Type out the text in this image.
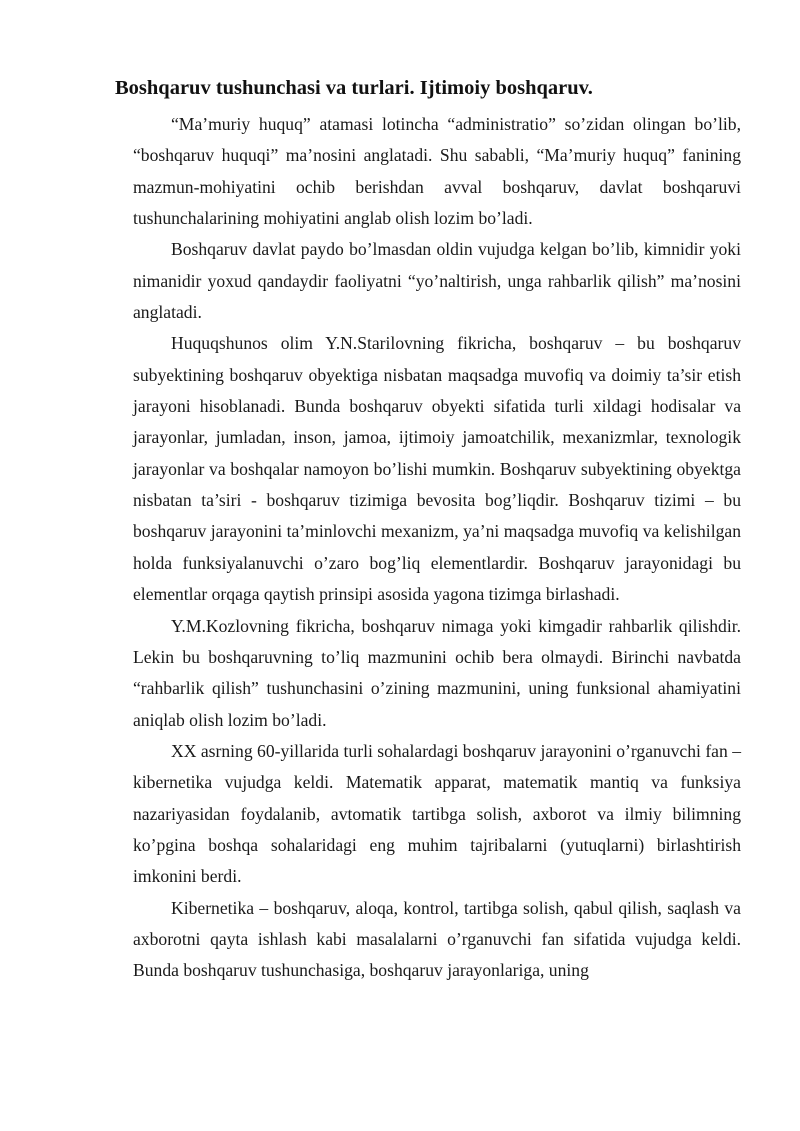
Boshqaruv tushunchasi va turlari. Ijtimoiy boshqaruv.

“Ma’muriy huquq” atamasi lotincha “administratio” so’zidan olingan bo’lib, “boshqaruv huquqi” ma’nosini anglatadi. Shu sababli, “Ma’muriy huquq” fanining mazmun-mohiyatini ochib berishdan avval boshqaruv, davlat boshqaruvi tushunchalarining mohiyatini anglab olish lozim bo’ladi.

Boshqaruv davlat paydo bo’lmasdan oldin vujudga kelgan bo’lib, kimnidir yoki nimanidir yoxud qandaydir faoliyatni “yo’naltirish, unga rahbarlik qilish” ma’nosini anglatadi.

Huquqshunos olim Y.N.Starilovning fikricha, boshqaruv – bu boshqaruv subyektining boshqaruv obyektiga nisbatan maqsadga muvofiq va doimiy ta’sir etish jarayoni hisoblanadi. Bunda boshqaruv obyekti sifatida turli xildagi hodisalar va jarayonlar, jumladan, inson, jamoa, ijtimoiy jamoatchilik, mexanizmlar, texnologik jarayonlar va boshqalar namoyon bo’lishi mumkin. Boshqaruv subyektining obyektga nisbatan ta’siri - boshqaruv tizimiga bevosita bog’liqdir. Boshqaruv tizimi – bu boshqaruv jarayonini ta’minlovchi mexanizm, ya’ni maqsadga muvofiq va kelishilgan holda funksiyalanuvchi o’zaro bog’liq elementlardir. Boshqaruv jarayonidagi bu elementlar orqaga qaytish prinsipi asosida yagona tizimga birlashadi.

Y.M.Kozlovning fikricha, boshqaruv nimaga yoki kimgadir rahbarlik qilishdir. Lekin bu boshqaruvning to’liq mazmunini ochib bera olmaydi. Birinchi navbatda “rahbarlik qilish” tushunchasini o’zining mazmunini, uning funksional ahamiyatini aniqlab olish lozim bo’ladi.

XX asrning 60-yillarida turli sohalardagi boshqaruv jarayonini o’rganuvchi fan – kibernetika vujudga keldi. Matematik apparat, matematik mantiq va funksiya nazariyasidan foydalanib, avtomatik tartibga solish, axborot va ilmiy bilimning ko’pgina boshqa sohalaridagi eng muhim tajribalarni (yutuqlarni) birlashtirish imkonini berdi.

Kibernetika – boshqaruv, aloqa, kontrol, tartibga solish, qabul qilish, saqlash va axborotni qayta ishlash kabi masalalarni o’rganuvchi fan sifatida vujudga keldi. Bunda boshqaruv tushunchasiga, boshqaruv jarayonlariga, uning
